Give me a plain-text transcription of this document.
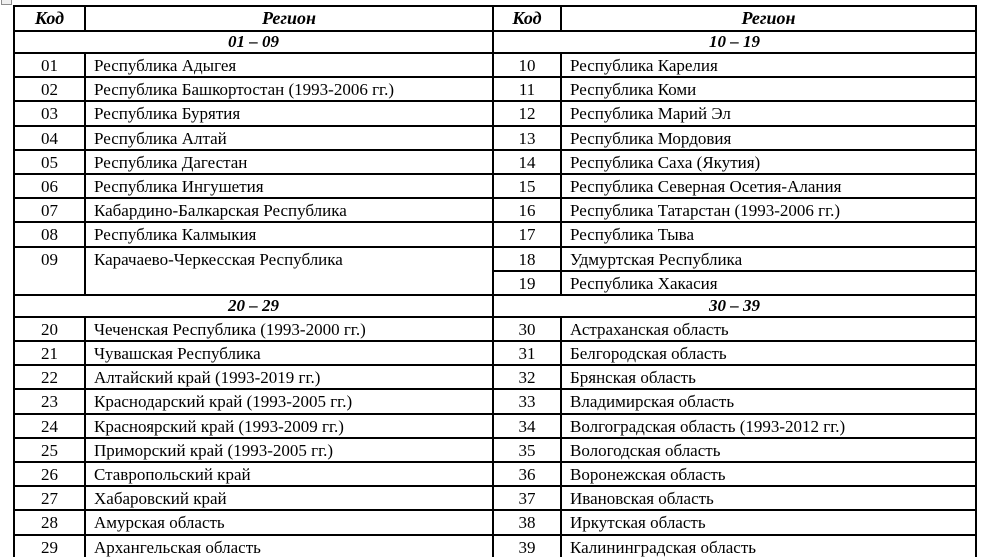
Код	Регион	Код	Регион
01 – 09		10 – 19	
01	Республика Адыгея	10	Республика Карелия
02	Республика Башкортостан (1993-2006 гг.)	11	Республика Коми
03	Республика Бурятия	12	Республика Марий Эл
04	Республика Алтай	13	Республика Мордовия
05	Республика Дагестан	14	Республика Саха (Якутия)
06	Республика Ингушетия	15	Республика Северная Осетия-Алания
07	Кабардино-Балкарская Республика	16	Республика Татарстан (1993-2006 гг.)
08	Республика Калмыкия	17	Республика Тыва
09	Карачаево-Черкесская Республика	18	Удмуртская Республика
		19	Республика Хакасия
20 – 29		30 – 39	
20	Чеченская Республика (1993-2000 гг.)	30	Астраханская область
21	Чувашская Республика	31	Белгородская область
22	Алтайский край (1993-2019 гг.)	32	Брянская область
23	Краснодарский край (1993-2005 гг.)	33	Владимирская область
24	Красноярский край (1993-2009 гг.)	34	Волгоградская область (1993-2012 гг.)
25	Приморский край (1993-2005 гг.)	35	Вологодская область
26	Ставропольский край	36	Воронежская область
27	Хабаровский край	37	Ивановская область
28	Амурская область	38	Иркутская область
29	Архангельская область	39	Калининградская область
